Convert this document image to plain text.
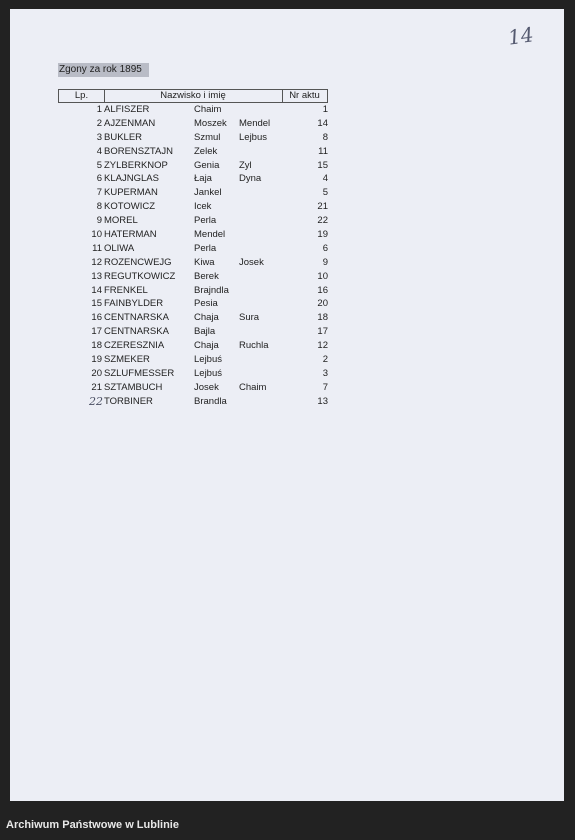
14
Zgony za rok 1895
Lp.	Nazwisko i imię	Nr aktu
1 ALFISZER	Chaim	1
2 AJZENMAN	Moszek Mendel	14
3 BUKLER	Szmul Lejbus	8
4 BORENSZTAJN Zelek	11
5 ZYLBERKNOP	Genia Zyl	15
6 KLAJNGLAS	Łaja	Dyna	4
7 KUPERMAN	Jankel	5
8 KOTOWICZ	Icek	21
9 MOREL	Perla	22
10 HATERMAN	Mendel	19
11 OLIWA	Perla	6
12 ROZENCWEJG Kiwa	Josek	9
13 REGUTKOWICZ Berek	10
14 FRENKEL	Brajndla	16
15 FAINBYLDER	Pesia	20
16 CENTNARSKA	Chaja Sura	18
17 CENTNARSKA	Bajla	17
18 CZERESZNIA	Chaja Ruchla	12
19 SZMEKER	Lejbuś	2
20 SZLUFMESSER Lejbuś	3
21 SZTAMBUCH	Josek Chaim	7
22 TORBINER	Brandla	13
Archiwum Państwowe w Lublinie
